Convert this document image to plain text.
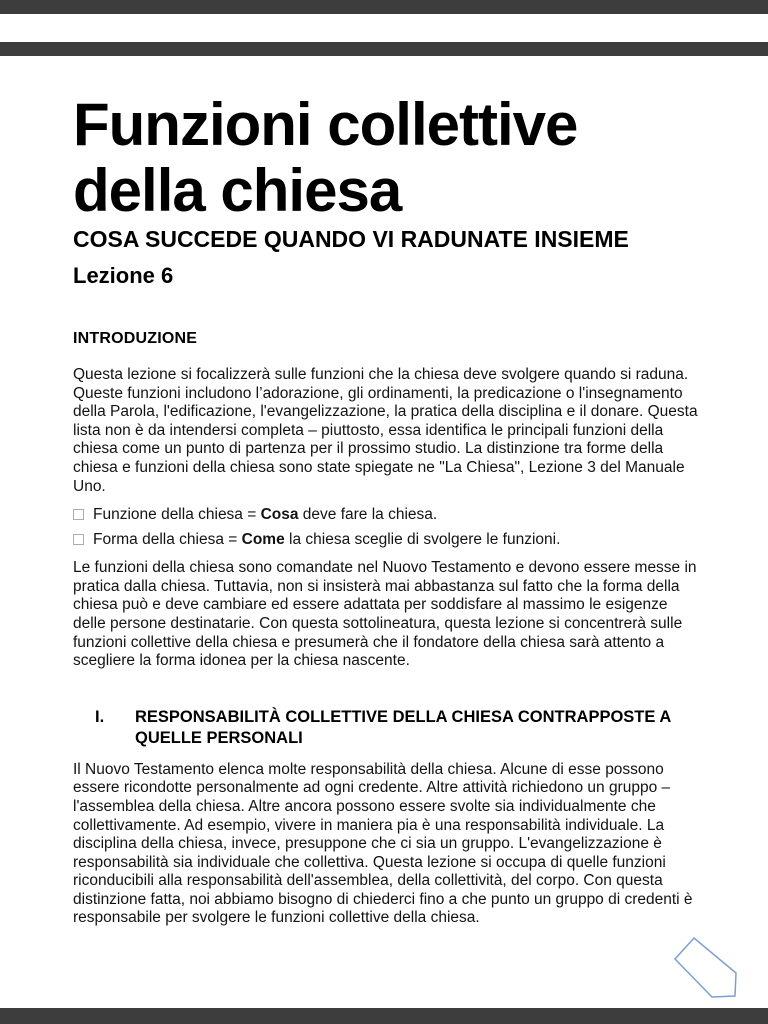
Funzioni collettive della chiesa
COSA SUCCEDE QUANDO VI RADUNATE INSIEME
Lezione 6
INTRODUZIONE

Questa lezione si focalizzerà sulle funzioni che la chiesa deve svolgere quando si raduna. Queste funzioni includono l’adorazione, gli ordinamenti, la predicazione o l'insegnamento della Parola, l'edificazione, l'evangelizzazione, la pratica della disciplina e il donare. Questa lista non è da intendersi completa – piuttosto, essa identifica le principali funzioni della chiesa come un punto di partenza per il prossimo studio. La distinzione tra forme della chiesa e funzioni della chiesa sono state spiegate ne "La Chiesa", Lezione 3 del Manuale Uno.

Funzione della chiesa = Cosa deve fare la chiesa.
Forma della chiesa = Come la chiesa sceglie di svolgere le funzioni.

Le funzioni della chiesa sono comandate nel Nuovo Testamento e devono essere messe in pratica dalla chiesa. Tuttavia, non si insisterà mai abbastanza sul fatto che la forma della chiesa può e deve cambiare ed essere adattata per soddisfare al massimo le esigenze delle persone destinatarie. Con questa sottolineatura, questa lezione si concentrerà sulle funzioni collettive della chiesa e presumerà che il fondatore della chiesa sarà attento a scegliere la forma idonea per la chiesa nascente.

I.	RESPONSABILITÀ COLLETTIVE DELLA CHIESA CONTRAPPOSTE A QUELLE PERSONALI

Il Nuovo Testamento elenca molte responsabilità della chiesa. Alcune di esse possono essere ricondotte personalmente ad ogni credente. Altre attività richiedono un gruppo – l'assemblea della chiesa. Altre ancora possono essere svolte sia individualmente che collettivamente. Ad esempio, vivere in maniera pia è una responsabilità individuale. La disciplina della chiesa, invece, presuppone che ci sia un gruppo. L'evangelizzazione è responsabilità sia individuale che collettiva. Questa lezione si occupa di quelle funzioni riconducibili alla responsabilità dell'assemblea, della collettività, del corpo. Con questa distinzione fatta, noi abbiamo bisogno di chiederci fino a che punto un gruppo di credenti è responsabile per svolgere le funzioni collettive della chiesa.
